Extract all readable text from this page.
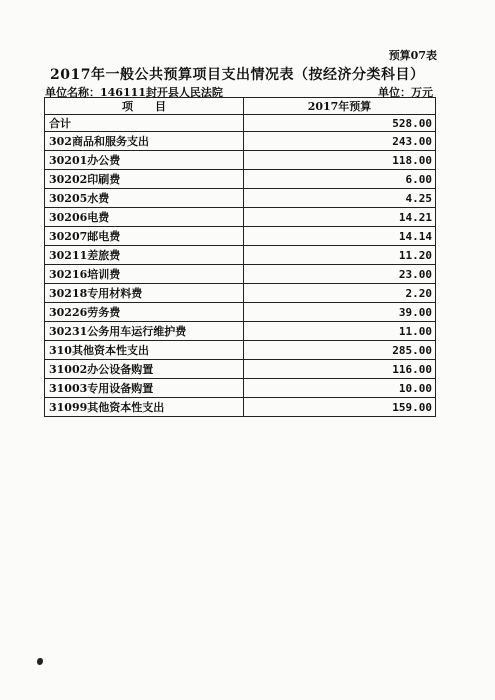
预算07表
2017年一般公共预算项目支出情况表（按经济分类科目）
单位名称：146111封开县人民法院	单位：万元
项　　目	2017年预算
合计	528.00
302商品和服务支出	243.00
30201办公费	118.00
30202印刷费	6.00
30205水费	4.25
30206电费	14.21
30207邮电费	14.14
30211差旅费	11.20
30216培训费	23.00
30218专用材料费	2.20
30226劳务费	39.00
30231公务用车运行维护费	11.00
310其他资本性支出	285.00
31002办公设备购置	116.00
31003专用设备购置	10.00
31099其他资本性支出	159.00
